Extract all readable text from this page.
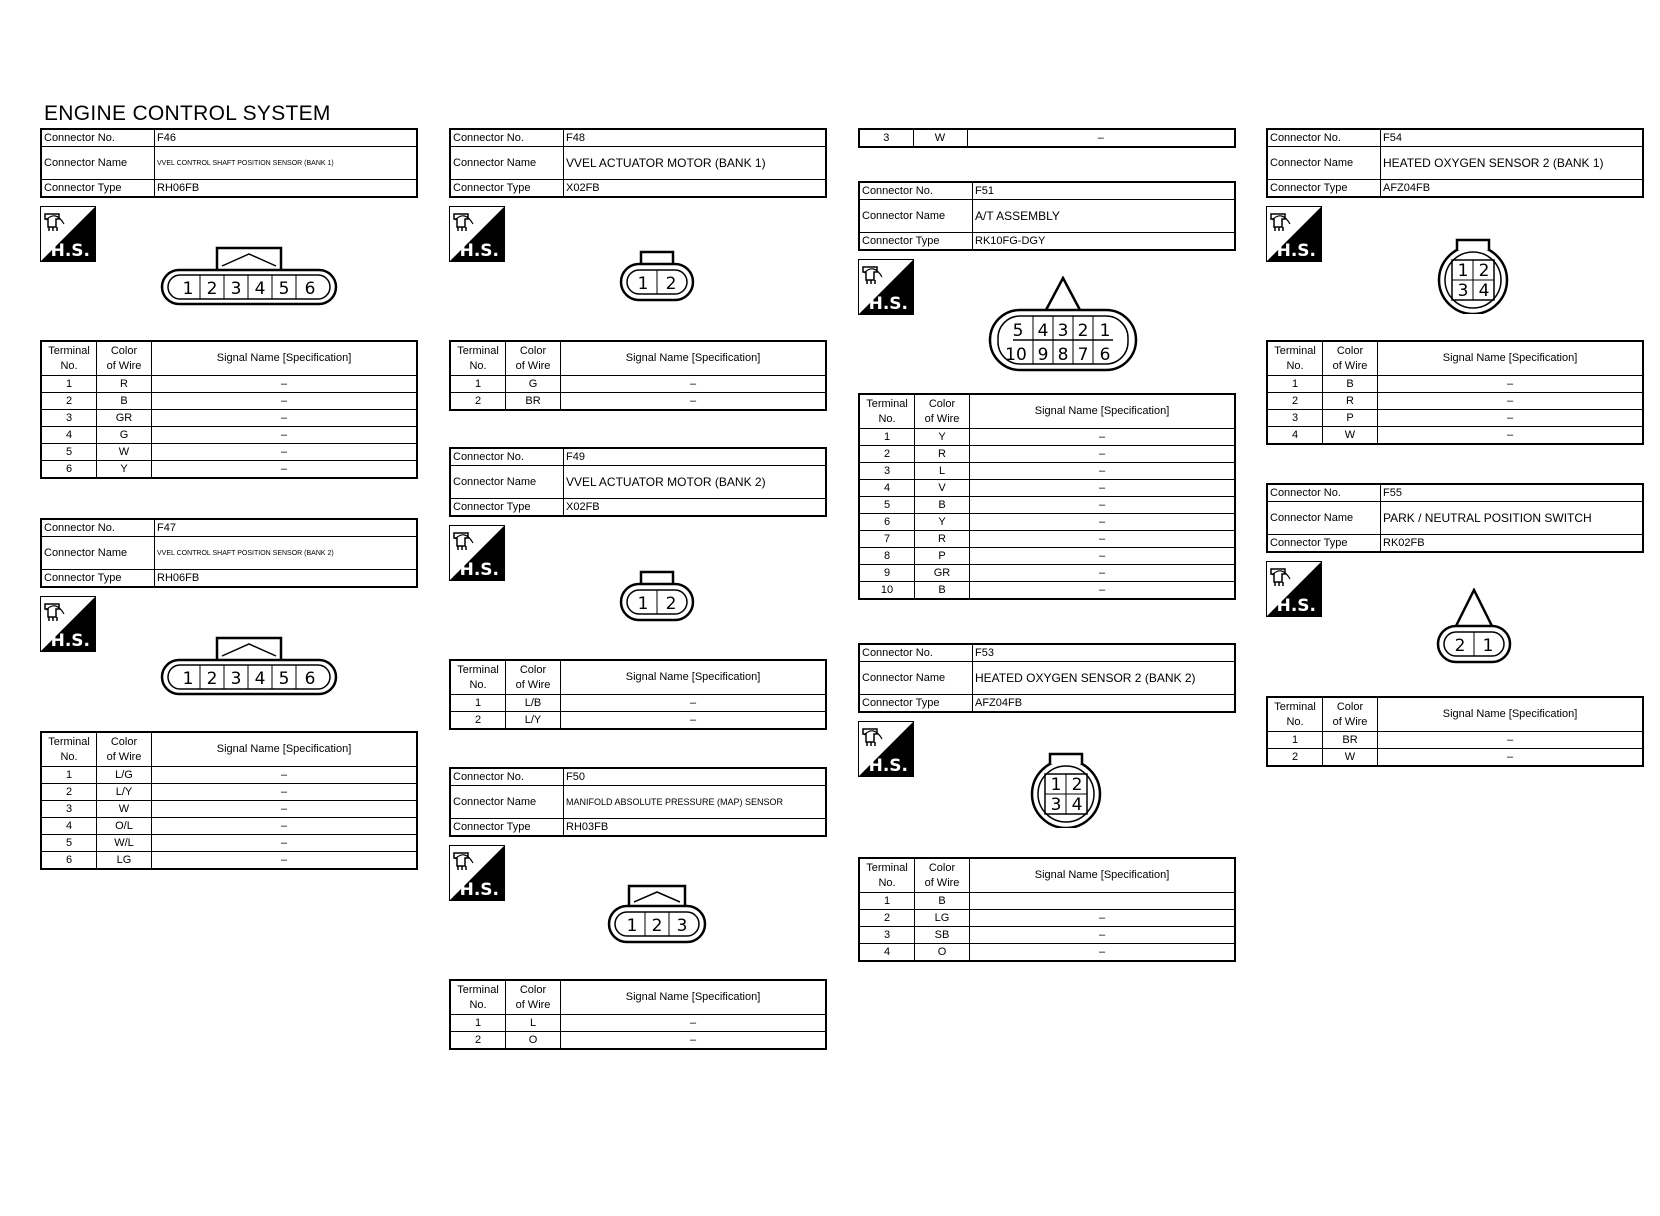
ENGINE CONTROL SYSTEM
Connector No.	F46
Connector Name	VVEL CONTROL SHAFT POSITION SENSOR (BANK 1)
Connector Type	RH06FB
H.S.
1 2 3 4 5 6
Terminal
No.	Color
of Wire	Signal Name [Specification]
1	R	–
2	B	–
3	GR	–
4	G	–
5	W	–
6	Y	–
Connector No.	F47
Connector Name	VVEL CONTROL SHAFT POSITION SENSOR (BANK 2)
Connector Type	RH06FB
H.S.
1 2 3 4 5 6
Terminal
No.	Color
of Wire	Signal Name [Specification]
1	L/G	–
2	L/Y	–
3	W	–
4	O/L	–
5	W/L	–
6	LG	–
Connector No.	F48
Connector Name	VVEL ACTUATOR MOTOR (BANK 1)
Connector Type	X02FB
H.S.
1 2
Terminal
No.	Color
of Wire	Signal Name [Specification]
1	G	–
2	BR	–
Connector No.	F49
Connector Name	VVEL ACTUATOR MOTOR (BANK 2)
Connector Type	X02FB
H.S.
1 2
Terminal
No.	Color
of Wire	Signal Name [Specification]
1	L/B	–
2	L/Y	–
Connector No.	F50
Connector Name	MANIFOLD ABSOLUTE PRESSURE (MAP) SENSOR
Connector Type	RH03FB
H.S.
1 2 3
Terminal
No.	Color
of Wire	Signal Name [Specification]
1	L	–
2	O	–
3	W	–
Connector No.	F51
Connector Name	A/T ASSEMBLY
Connector Type	RK10FG-DGY
H.S.
5 4 3 2 1
10 9 8 7 6
Terminal
No.	Color
of Wire	Signal Name [Specification]
1	Y	–
2	R	–
3	L	–
4	V	–
5	B	–
6	Y	–
7	R	–
8	P	–
9	GR	–
10	B	–
Connector No.	F53
Connector Name	HEATED OXYGEN SENSOR 2 (BANK 2)
Connector Type	AFZ04FB
H.S.
1 2
3 4
Terminal
No.	Color
of Wire	Signal Name [Specification]
1	B	
2	LG	–
3	SB	–
4	O	–
Connector No.	F54
Connector Name	HEATED OXYGEN SENSOR 2 (BANK 1)
Connector Type	AFZ04FB
H.S.
1 2
3 4
Terminal
No.	Color
of Wire	Signal Name [Specification]
1	B	–
2	R	–
3	P	–
4	W	–
Connector No.	F55
Connector Name	PARK / NEUTRAL POSITION SWITCH
Connector Type	RK02FB
H.S.
2 1
Terminal
No.	Color
of Wire	Signal Name [Specification]
1	BR	–
2	W	–
